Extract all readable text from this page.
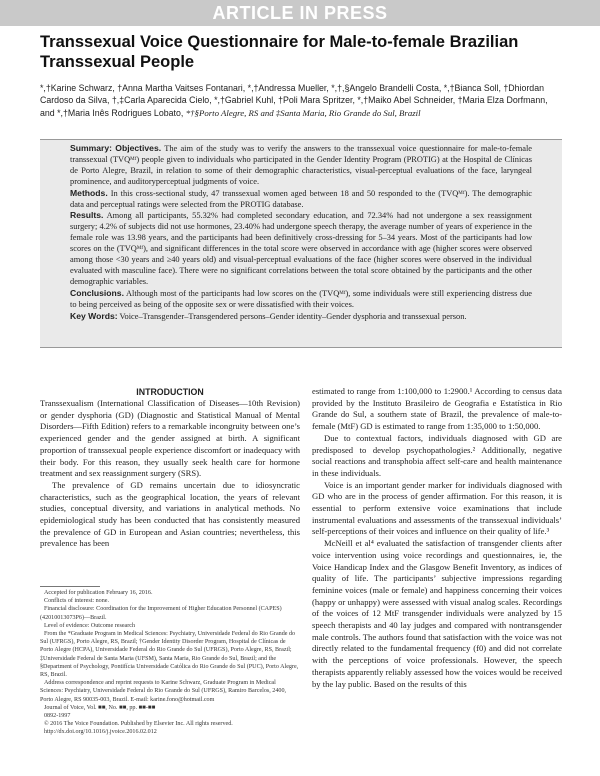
ARTICLE IN PRESS
Transsexual Voice Questionnaire for Male-to-female Brazilian Transsexual People
*,†Karine Schwarz, †Anna Martha Vaitses Fontanari, *,†Andressa Mueller, *,†,§Angelo Brandelli Costa, *,†Bianca Soll, †Dhiordan Cardoso da Silva, †,‡Carla Aparecida Cielo, *,†Gabriel Kuhl, †Poli Mara Spritzer, *,†Maiko Abel Schneider, †Maria Elza Dorfmann, and *,†Maria Inês Rodrigues Lobato, *†§Porto Alegre, RS and ‡Santa Maria, Rio Grande do Sul, Brazil

Summary: Objectives. The aim of the study was to verify the answers to the transsexual voice questionnaire for male-to-female transsexual (TVQᴹᶠ) people given to individuals who participated in the Gender Identity Program (PROTIG) at the Hospital de Clínicas de Porto Alegre, Brazil, in relation to some of their demographic characteristics, visual-perceptual evaluations of the face, laryngeal prominence, and auditoryperceptual judgments of voice.

Methods. In this cross-sectional study, 47 transsexual women aged between 18 and 50 responded to the (TVQᴹᶠ). The demographic data and perceptual ratings were selected from the PROTIG database.

Results. Among all participants, 55.32% had completed secondary education, and 72.34% had not undergone a sex reassignment surgery; 4.2% of subjects did not use hormones, 23.40% had undergone speech therapy, the average number of years of experience in the female role was 13.98 years, and the participants had been definitively cross-dressing for 5–34 years. Most of the participants had low scores on the (TVQᴹᶠ), and significant differences in the total score were observed in accordance with age (higher scores were observed among those <30 years and ≥40 years old) and visual-perceptual evaluations of the face (higher scores were observed in the individual evaluated with masculine face). There were no significant correlations between the total score obtained by the participants and the other demographic variables.

Conclusions. Although most of the participants had low scores on the (TVQᴹᶠ), some individuals were still experiencing distress due to being perceived as being of the opposite sex or were dissatisfied with their voices.

Key Words: Voice–Transgender–Transgendered persons–Gender identity–Gender dysphoria and transsexual person.

INTRODUCTION

Transsexualism (International Classification of Diseases—10th Revision) or gender dysphoria (GD) (Diagnostic and Statistical Manual of Mental Disorders—Fifth Edition) refers to a remarkable incongruity between one’s experienced gender and the gender assigned at birth. A significant proportion of transsexual people experience discomfort or inadequacy with their body. For this reason, they usually seek health care for hormone treatment and sex reassignment surgery (SRS).

The prevalence of GD remains uncertain due to idiosyncratic characteristics, such as the geographical location, the years of relevant studies, conceptual diversity, and variations in analytical methods. No epidemiological study has been conducted that has consistently measured the prevalence of GD in European and Asian countries; nevertheless, this prevalence has been

Accepted for publication February 16, 2016.

Conflicts of interest: none.

Financial disclosure: Coordination for the Improvement of Higher Education Personnel (CAPES) (42010013073P6)—Brazil.

Level of evidence: Outcome research

From the *Graduate Program in Medical Sciences: Psychiatry, Universidade Federal do Rio Grande do Sul (UFRGS), Porto Alegre, RS, Brazil; †Gender Identity Disorder Program, Hospital de Clínicas de Porto Alegre (HCPA), Universidade Federal do Rio Grande do Sul (UFRGS), Porto Alegre, RS, Brazil; ‡Universidade Federal de Santa Maria (UFSM), Santa Maria, Rio Grande do Sul, Brazil; and the §Department of Psychology, Pontifícia Universidade Católica do Rio Grande do Sul (PUC), Porto Alegre, RS, Brazil.

Address correspondence and reprint requests to Karine Schwarz, Graduate Program in Medical Sciences: Psychiatry, Universidade Federal do Rio Grande do Sul (UFRGS), Ramiro Barcelos, 2400, Porto Alegre, RS 90035-003, Brazil. E-mail: karine.fono@hotmail.com

Journal of Voice, Vol. ■■, No. ■■, pp. ■■-■■

0892-1997

© 2016 The Voice Foundation. Published by Elsevier Inc. All rights reserved.

http://dx.doi.org/10.1016/j.jvoice.2016.02.012

estimated to range from 1:100,000 to 1:2900.¹ According to census data provided by the Instituto Brasileiro de Geografia e Estatística in Rio Grande do Sul, a southern state of Brazil, the prevalence of male-to-female (MtF) GD is estimated to range from 1:35,000 to 1:50,000.

Due to contextual factors, individuals diagnosed with GD are predisposed to develop psychopathologies.² Additionally, negative social reactions and transphobia affect self-care and health maintenance in these individuals.

Voice is an important gender marker for individuals diagnosed with GD who are in the process of gender affirmation. For this reason, it is essential to perform extensive voice examinations that include instrumental evaluations and assessments of the transsexual individuals’ self-perceptions of their voices and influence on their quality of life.³

McNeill et al⁴ evaluated the satisfaction of transgender clients after voice intervention using voice recordings and questionnaires, ie, the Voice Handicap Index and the Glasgow Benefit Inventory, as indices of quality of life. The participants’ subjective impressions regarding feminine voices (male or female) and happiness concerning their voices (happy or unhappy) were assessed with visual analog scales. Recordings of the voices of 12 MtF transgender individuals were analyzed by 15 speech therapists and 40 lay judges and compared with nontransgender male controls. The authors found that satisfaction with the voice was not directly related to the fundamental frequency (f0) and did not correlate with the perceptions of voice professionals. However, the speech therapists apparently reliably assessed how the voices would be received by the lay public. Based on the results of this
